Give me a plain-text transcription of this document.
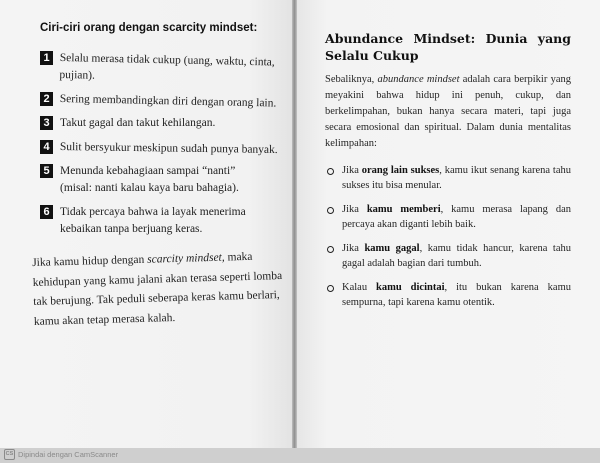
Ciri-ciri orang dengan scarcity mindset:
1 Selalu merasa tidak cukup (uang, waktu, cinta, pujian).
2 Sering membandingkan diri dengan orang lain.
3 Takut gagal dan takut kehilangan.
4 Sulit bersyukur meskipun sudah punya banyak.
5 Menunda kebahagiaan sampai “nanti”
(misal: nanti kalau kaya baru bahagia).
6 Tidak percaya bahwa ia layak menerima kebaikan tanpa berjuang keras.

Jika kamu hidup dengan scarcity mindset, maka kehidupan yang kamu jalani akan terasa seperti lomba tak berujung. Tak peduli seberapa keras kamu berlari, kamu akan tetap merasa kalah.

Abundance Mindset: Dunia yang Selalu Cukup

Sebaliknya, abundance mindset adalah cara berpikir yang meyakini bahwa hidup ini penuh, cukup, dan berkelimpahan, bukan hanya secara materi, tapi juga secara emosional dan spiritual. Dalam dunia mentalitas kelimpahan:

Jika orang lain sukses, kamu ikut senang karena tahu sukses itu bisa menular.
Jika kamu memberi, kamu merasa lapang dan percaya akan diganti lebih baik.
Jika kamu gagal, kamu tidak hancur, karena tahu gagal adalah bagian dari tumbuh.
Kalau kamu dicintai, itu bukan karena kamu sempurna, tapi karena kamu otentik.
CS Dipindai dengan CamScanner
